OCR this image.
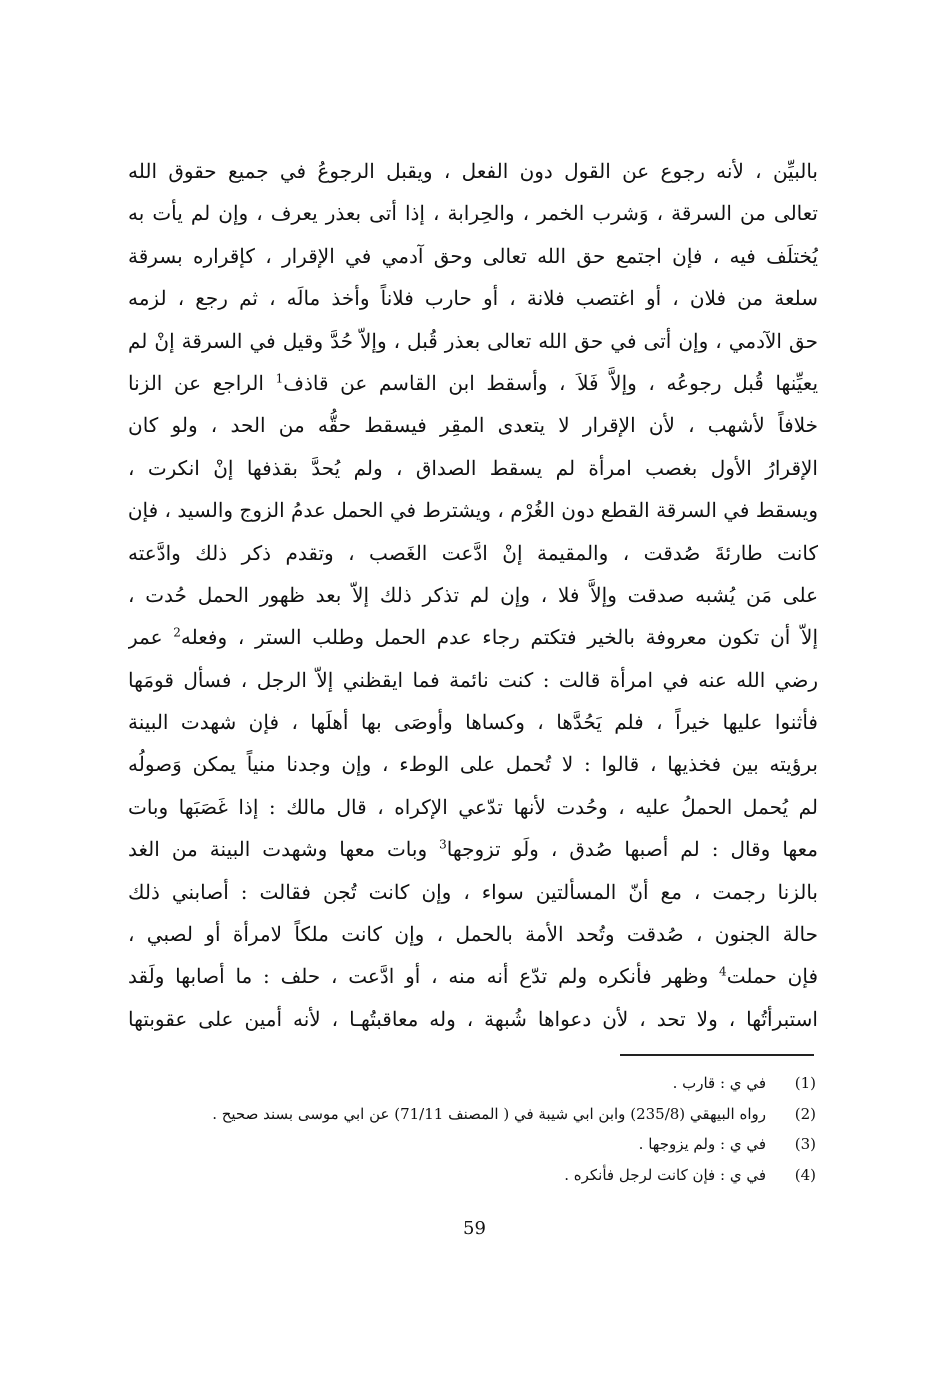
بالبيِّن ، لأنه رجوع عن القول دون الفعل ، ويقبل الرجوعُ في جميع حقوق الله
تعالى من السرقة ، وَشرب الخمر ، والحِرابة ، إذا أتى بعذر يعرف ، وإن لم يأت به
يُختلَف فيه ، فإن اجتمع حق الله تعالى وحق آدمي في الإقرار ، كإقراره بسرقة
سلعة من فلان ، أو اغتصب فلانة ، أو حارب فلاناً وأخذ مالَه ، ثم رجع ، لزمه
حق الآدمي ، وإن أتى في حق الله تعالى بعذر قُبل ، وإلاّ حُدَّ وقيل في السرقة إنْ لم
يعيِّنها قُبل رجوعُه ، وإلاَّ فَلاَ ، وأسقط ابن القاسم عن قاذف$^1$ الراجع عن الزنا
خلافاً لأشهب ، لأن الإقرار لا يتعدى المقِر فيسقط حقُّه من الحد ، ولو كان
الإقرارُ الأول بغصب امرأة لم يسقط الصداق ، ولم يُحدَّ بقذفها إنْ انكرت ،
ويسقط في السرقة القطع دون الغُرْم ، ويشترط في الحمل عدمُ الزوج والسيد ، فإن
كانت طارئةَ صُدقت ، والمقيمة إنْ ادَّعت الغَصب ، وتقدم ذكر ذلك وادَّعته
على مَن يُشبه صدقت وإلاَّ فلا ، وإن لم تذكر ذلك إلاّ بعد ظهور الحمل حُدت ،
إلاّ أن تكون معروفة بالخير فتكتم رجاء عدم الحمل وطلب الستر ، وفعله$^2$ عمر
رضي الله عنه في امرأة قالت : كنت نائمة فما ايقظني إلاّ الرجل ، فسأل قومَها
فأثنوا عليها خيراً ، فلم يَحُدَّها ، وكساها وأوصَى بها أهلَها ، فإن شهدت البينة
برؤيته بين فخذيها ، قالوا : لا تُحمل على الوطء ، وإن وجدنا منياً يمكن وَصولُه
لم يُحمل الحملُ عليه ، وحُدت لأنها تدّعي الإكراه ، قال مالك : إذا غَصَبَها وبات
معها وقال : لم أصبها صُدق ، ولَو تزوجها$^3$ وبات معها وشهدت البينة من الغد
بالزنا رجمت ، مع أنّ المسألتين سواء ، وإن كانت تُجن فقالت : أصابني ذلك
حالة الجنون ، صُدقت وتُحد الأمة بالحمل ، وإن كانت ملكاً لامرأة أو لصبي ،
فإن حملت$^4$ وظهر فأنكره ولم تدّع أنه منه ، أو ادَّعت ، حلف : ما أصابها ولَقد
استبرأتُها ، ولا تحد ، لأن دعواها شُبهة ، وله معاقبتُهـا ، لأنه أمين على عقوبتها
(1)
في ي : قارب .
(2)
رواه البيهقي (235/8) وابن ابي شيبة في ( المصنف 71/11) عن ابي موسى بسند صحيح .
(3)
في ي : ولم يزوجها .
(4)
في ي : فإن كانت لرجل فأنكره .
59
